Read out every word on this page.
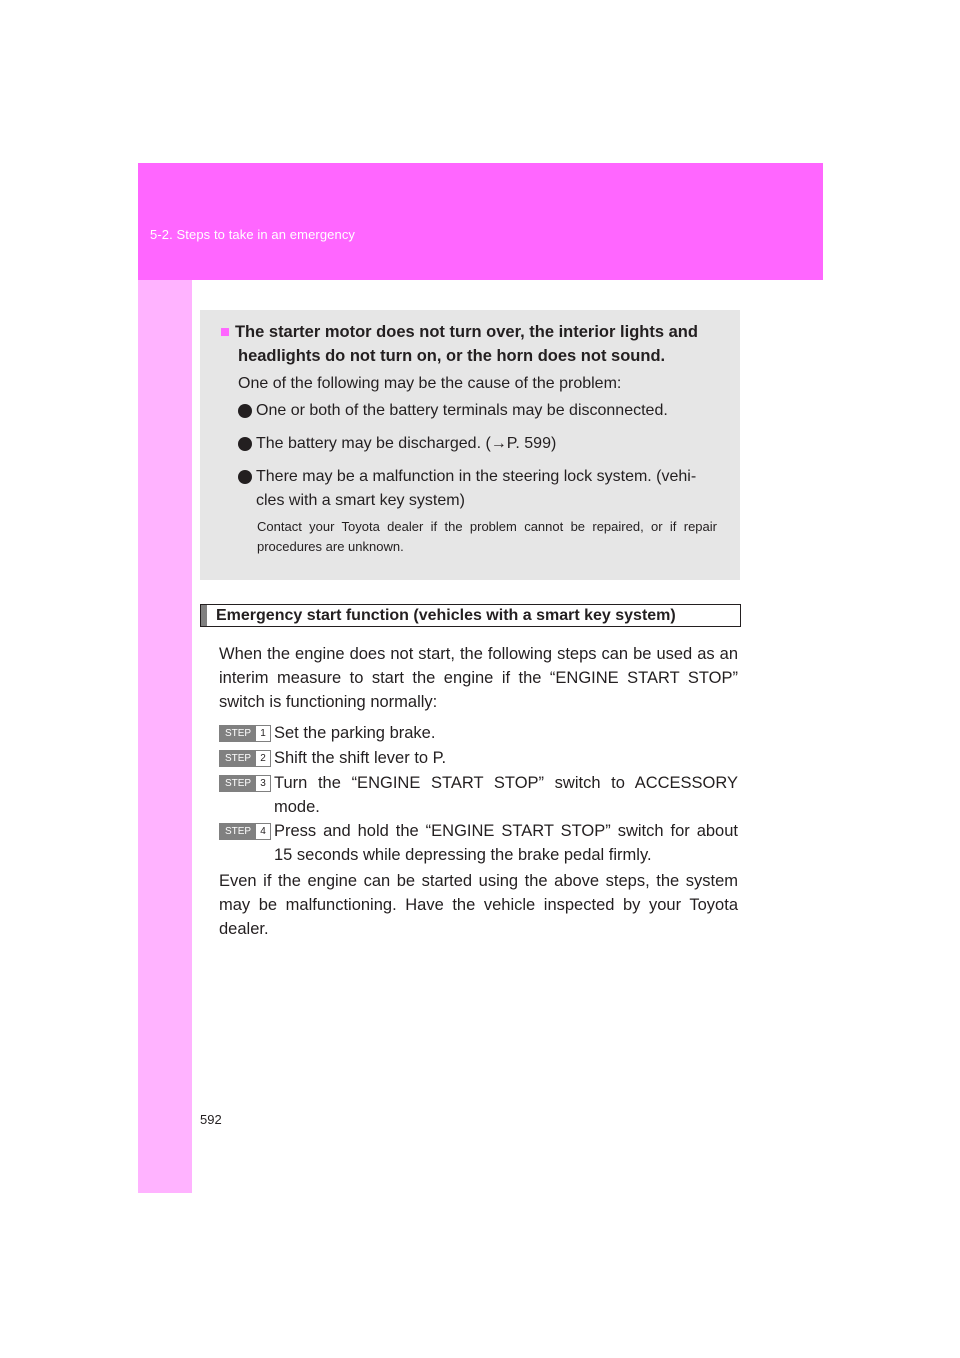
5-2. Steps to take in an emergency
■ The starter motor does not turn over, the interior lights and
headlights do not turn on, or the horn does not sound.
One of the following may be the cause of the problem:
One or both of the battery terminals may be disconnected.
The battery may be discharged. (→P. 599)
There may be a malfunction in the steering lock system. (vehi-cles with a smart key system)
Contact your Toyota dealer if the problem cannot be repaired, or if repair procedures are unknown.
Emergency start function (vehicles with a smart key system)
When the engine does not start, the following steps can be used as an interim measure to start the engine if the “ENGINE START STOP” switch is functioning normally:
STEP 1 Set the parking brake.
STEP 2 Shift the shift lever to P.
STEP 3 Turn the “ENGINE START STOP” switch to ACCESSORY mode.
STEP 4 Press and hold the “ENGINE START STOP” switch for about 15 seconds while depressing the brake pedal firmly.
Even if the engine can be started using the above steps, the system may be malfunctioning. Have the vehicle inspected by your Toyota dealer.
592
